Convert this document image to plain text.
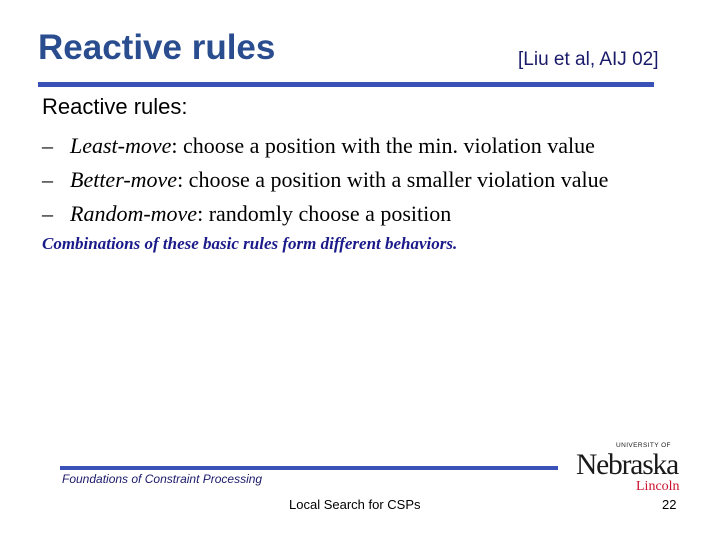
Reactive rules	[Liu et al, AIJ 02]
Reactive rules:
– Least-move: choose a position with the min. violation value
– Better-move: choose a position with a smaller violation value
– Random-move: randomly choose a position
Combinations of these basic rules form different behaviors.
Foundations of Constraint Processing
Local Search for CSPs	22
UNIVERSITY OF
Nebraska
Lincoln
